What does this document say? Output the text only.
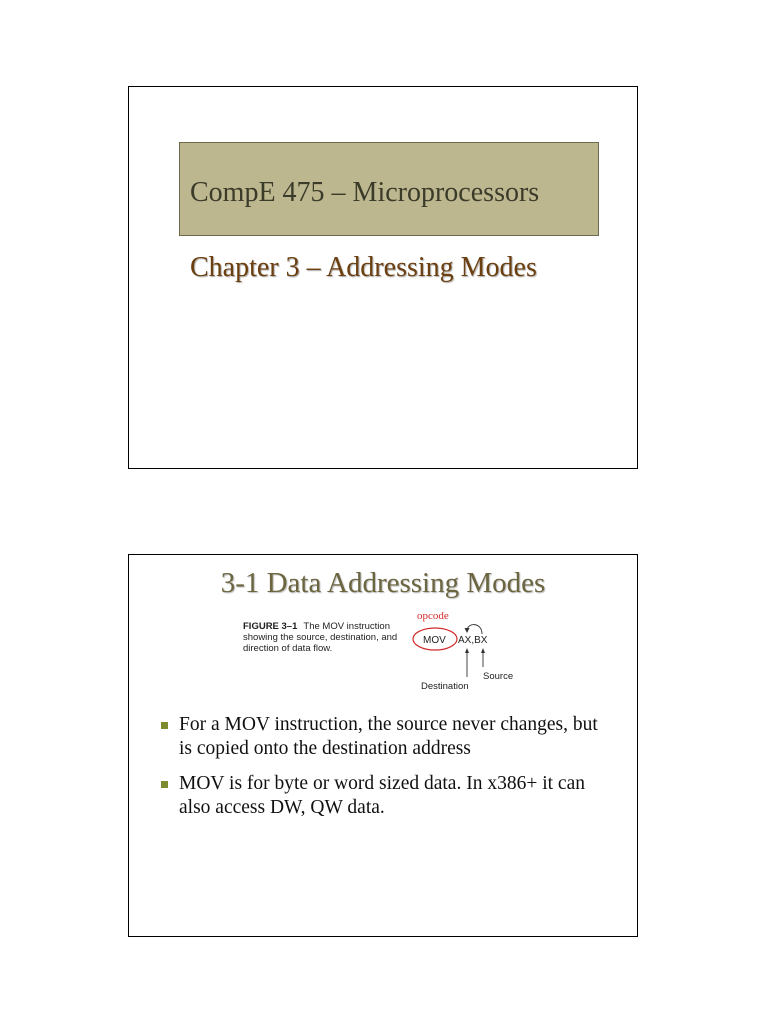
CompE 475 – Microprocessors
Chapter 3 – Addressing Modes
3-1 Data Addressing Modes
FIGURE 3–1 The MOV instruction showing the source, destination, and direction of data flow.
opcode
MOV AX,BX
Destination
Source
For a MOV instruction, the source never changes, but is copied onto the destination address
MOV is for byte or word sized data. In x386+ it can also access DW, QW data.
